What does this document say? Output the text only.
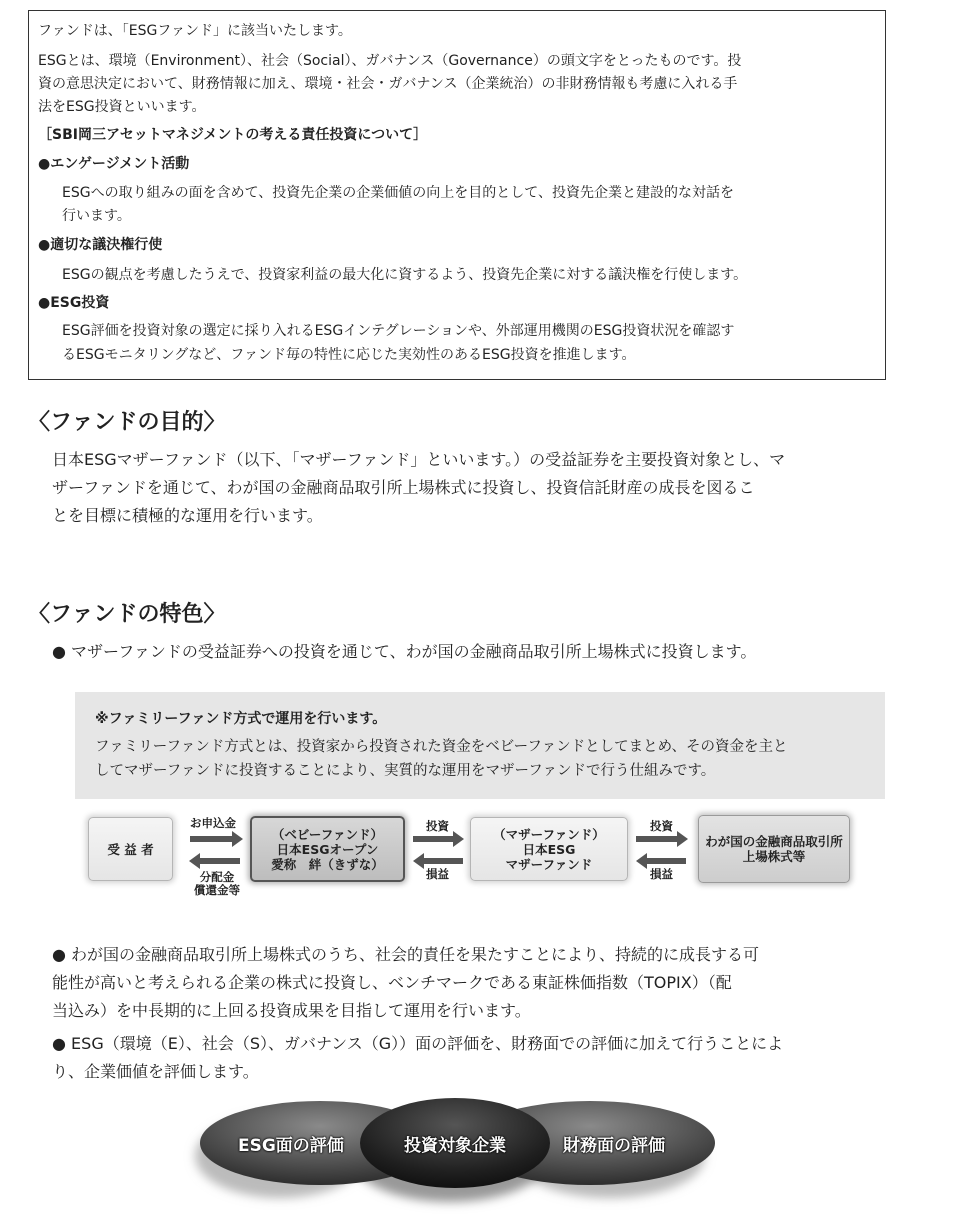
ファンドは、「ESGファンド」に該当いたします。
ESGとは、環境（Environment）、社会（Social）、ガバナンス（Governance）の頭文字をとったものです。投
資の意思決定において、財務情報に加え、環境・社会・ガバナンス（企業統治）の非財務情報も考慮に入れる手
法をESG投資といいます。
［SBI岡三アセットマネジメントの考える責任投資について］
●エンゲージメント活動
ESGへの取り組みの面を含めて、投資先企業の企業価値の向上を目的として、投資先企業と建設的な対話を
行います。
●適切な議決権行使
ESGの観点を考慮したうえで、投資家利益の最大化に資するよう、投資先企業に対する議決権を行使します。
●ESG投資
ESG評価を投資対象の選定に採り入れるESGインテグレーションや、外部運用機関のESG投資状況を確認す
るESGモニタリングなど、ファンド毎の特性に応じた実効性のあるESG投資を推進します。
〈ファンドの目的〉
日本ESGマザーファンド（以下、「マザーファンド」といいます。）の受益証券を主要投資対象とし、マ
ザーファンドを通じて、わが国の金融商品取引所上場株式に投資し、投資信託財産の成長を図るこ
とを目標に積極的な運用を行います。
〈ファンドの特色〉
● マザーファンドの受益証券への投資を通じて、わが国の金融商品取引所上場株式に投資します。
※ファミリーファンド方式で運用を行います。
ファミリーファンド方式とは、投資家から投資された資金をベビーファンドとしてまとめ、その資金を主と
してマザーファンドに投資することにより、実質的な運用をマザーファンドで行う仕組みです。
受 益 者
（ベビーファンド）
日本ESGオープン
愛称　絆（きずな）
（マザーファンド）
日本ESG
マザーファンド
わが国の金融商品取引所
上場株式等
お申込金
分配金
償還金等
投資
損益
投資
損益
● わが国の金融商品取引所上場株式のうち、社会的責任を果たすことにより、持続的に成長する可
能性が高いと考えられる企業の株式に投資し、ベンチマークである東証株価指数（TOPIX）（配
当込み）を中長期的に上回る投資成果を目指して運用を行います。
● ESG（環境（E）、社会（S）、ガバナンス（G））面の評価を、財務面での評価に加えて行うことによ
り、企業価値を評価します。
ESG面の評価	投資対象企業	財務面の評価
